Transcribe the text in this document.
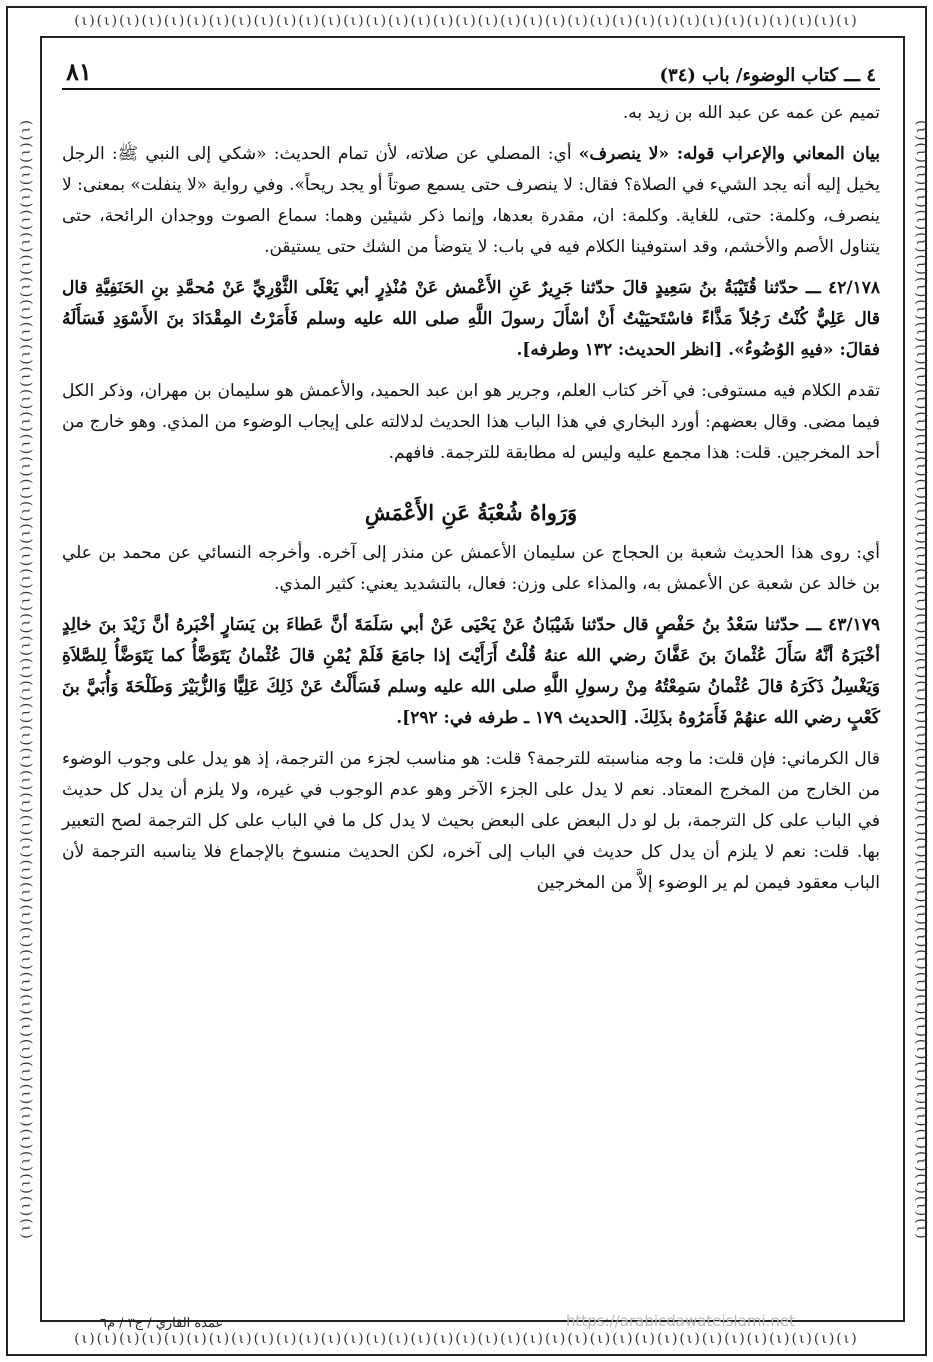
(ι)(ι)(ι)(ι)(ι)(ι)(ι)(ι)(ι)(ι)(ι)(ι)(ι)(ι)(ι)(ι)(ι)(ι)(ι)(ι)(ι)(ι)(ι)(ι)(ι)(ι)(ι)(ι)(ι)(ι)(ι)(ι)(ι)(ι)(ι)
(ι)(ι)(ι)(ι)(ι)(ι)(ι)(ι)(ι)(ι)(ι)(ι)(ι)(ι)(ι)(ι)(ι)(ι)(ι)(ι)(ι)(ι)(ι)(ι)(ι)(ι)(ι)(ι)(ι)(ι)(ι)(ι)(ι)(ι)(ι)
(ι)(ι)(ι)(ι)(ι)(ι)(ι)(ι)(ι)(ι)(ι)(ι)(ι)(ι)(ι)(ι)(ι)(ι)(ι)(ι)(ι)(ι)(ι)(ι)(ι)(ι)(ι)(ι)(ι)(ι)(ι)(ι)(ι)(ι)(ι)(ι)(ι)(ι)(ι)(ι)(ι)(ι)(ι)(ι)(ι)(ι)(ι)(ι)(ι)(ι)	(ι)(ι)(ι)(ι)(ι)(ι)(ι)(ι)(ι)(ι)(ι)(ι)(ι)(ι)(ι)(ι)(ι)(ι)(ι)(ι)(ι)(ι)(ι)(ι)(ι)(ι)(ι)(ι)(ι)(ι)(ι)(ι)(ι)(ι)(ι)(ι)(ι)(ι)(ι)(ι)(ι)(ι)(ι)(ι)(ι)(ι)(ι)(ι)(ι)(ι)
٤ ـــ كتاب الوضوء/ باب (٣٤)
٨١

تميم عن عمه عن عبد الله بن زيد به.

بيان المعاني والإعراب قوله: «لا ينصرف» أي: المصلي عن صلاته، لأن تمام الحديث: «شكي إلى النبي ﷺ: الرجل يخيل إليه أنه يجد الشيء في الصلاة؟ فقال: لا ينصرف حتى يسمع صوتاً أو يجد ريحاً». وفي رواية «لا ينفلت» بمعنى: لا ينصرف، وكلمة: حتى، للغاية. وكلمة: ان، مقدرة بعدها، وإنما ذكر شيئين وهما: سماع الصوت ووجدان الرائحة، حتى يتناول الأصم والأخشم، وقد استوفينا الكلام فيه في باب: لا يتوضأ من الشك حتى يستيقن.

٤٢/١٧٨ ـــ حدّثنا قُتَيْبَةُ بنُ سَعِيدٍ قالَ حدّثنا جَرِيرٌ عَنِ الأَعْمش عَنْ مُنْذِرٍ أبي يَعْلَى الثَّوْرِيِّ عَنْ مُحمَّدِ بنِ الحَنَفِيَّةِ قال قال عَلِيٌّ كُنْتُ رَجُلاً مَذَّاءً فاسْتَحيَيْتُ أَنْ أسْأَلَ رسولَ اللَّهِ صلى الله عليه وسلم فَأَمَرْتُ المِقْدَادَ بنَ الأَسْوَدِ فَسَأَلَهُ فقالَ: «فيهِ الوُضُوءُ». [انظر الحديث: ١٣٢ وطرفه].

تقدم الكلام فيه مستوفى: في آخر كتاب العلم، وجرير هو ابن عبد الحميد، والأعمش هو سليمان بن مهران، وذكر الكل فيما مضى. وقال بعضهم: أورد البخاري في هذا الباب هذا الحديث لدلالته على إيجاب الوضوء من المذي. وهو خارج من أحد المخرجين. قلت: هذا مجمع عليه وليس له مطابقة للترجمة. فافهم.

وَرَواهُ شُعْبَةُ عَنِ الأَعْمَشِ

أي: روى هذا الحديث شعبة بن الحجاج عن سليمان الأعمش عن منذر إلى آخره. وأخرجه النسائي عن محمد بن علي بن خالد عن شعبة عن الأعمش به، والمذاء على وزن: فعال، بالتشديد يعني: كثير المذي.

٤٣/١٧٩ ـــ حدّثنا سَعْدُ بنُ حَفْصٍ قال حدّثنا شَيْبَانُ عَنْ يَحْيَى عَنْ أبي سَلَمَةَ أنَّ عَطاءَ بن يَسَارٍ أخْبَرهُ أنَّ زَيْدَ بنَ خالِدٍ أخْبَرَهُ أنَّهُ سَأَلَ عُثْمانَ بنَ عَفَّانَ رضي الله عنهُ قُلْتُ أَرَأَيْتَ إذا جامَعَ فَلَمْ يُمْنِ قالَ عُثْمانُ يَتَوَضَّأُ كما يَتَوَضَّأُ لِلصَّلاَةِ وَيَغْسِلُ ذَكَرَهُ قالَ عُثْمانُ سَمِعْتُهُ مِنْ رسولِ اللَّهِ صلى الله عليه وسلم فَسَأَلْتُ عَنْ ذَلِكَ عَلِيًّا وَالزُّبَيْرَ وَطَلْحَةَ وَأُبَيَّ بنَ كَعْبٍ رضي الله عنهُمْ فَأَمَرُوهُ بذَلِكَ. [الحديث ١٧٩ ـ طرفه في: ٢٩٢].

قال الكرماني: فإن قلت: ما وجه مناسبته للترجمة؟ قلت: هو مناسب لجزء من الترجمة، إذ هو يدل على وجوب الوضوء من الخارج من المخرج المعتاد. نعم لا يدل على الجزء الآخر وهو عدم الوجوب في غيره، ولا يلزم أن يدل كل حديث في الباب على كل الترجمة، بل لو دل البعض على البعض بحيث لا يدل كل ما في الباب على كل الترجمة لصح التعبير بها. قلت: نعم لا يلزم أن يدل كل حديث في الباب إلى آخره، لكن الحديث منسوخ بالإجماع فلا يناسبه الترجمة لأن الباب معقود فيمن لم ير الوضوء إلاَّ من المخرجين

عمدة القاري / ج٣ / م٦	https://arabicdawateislami.net
